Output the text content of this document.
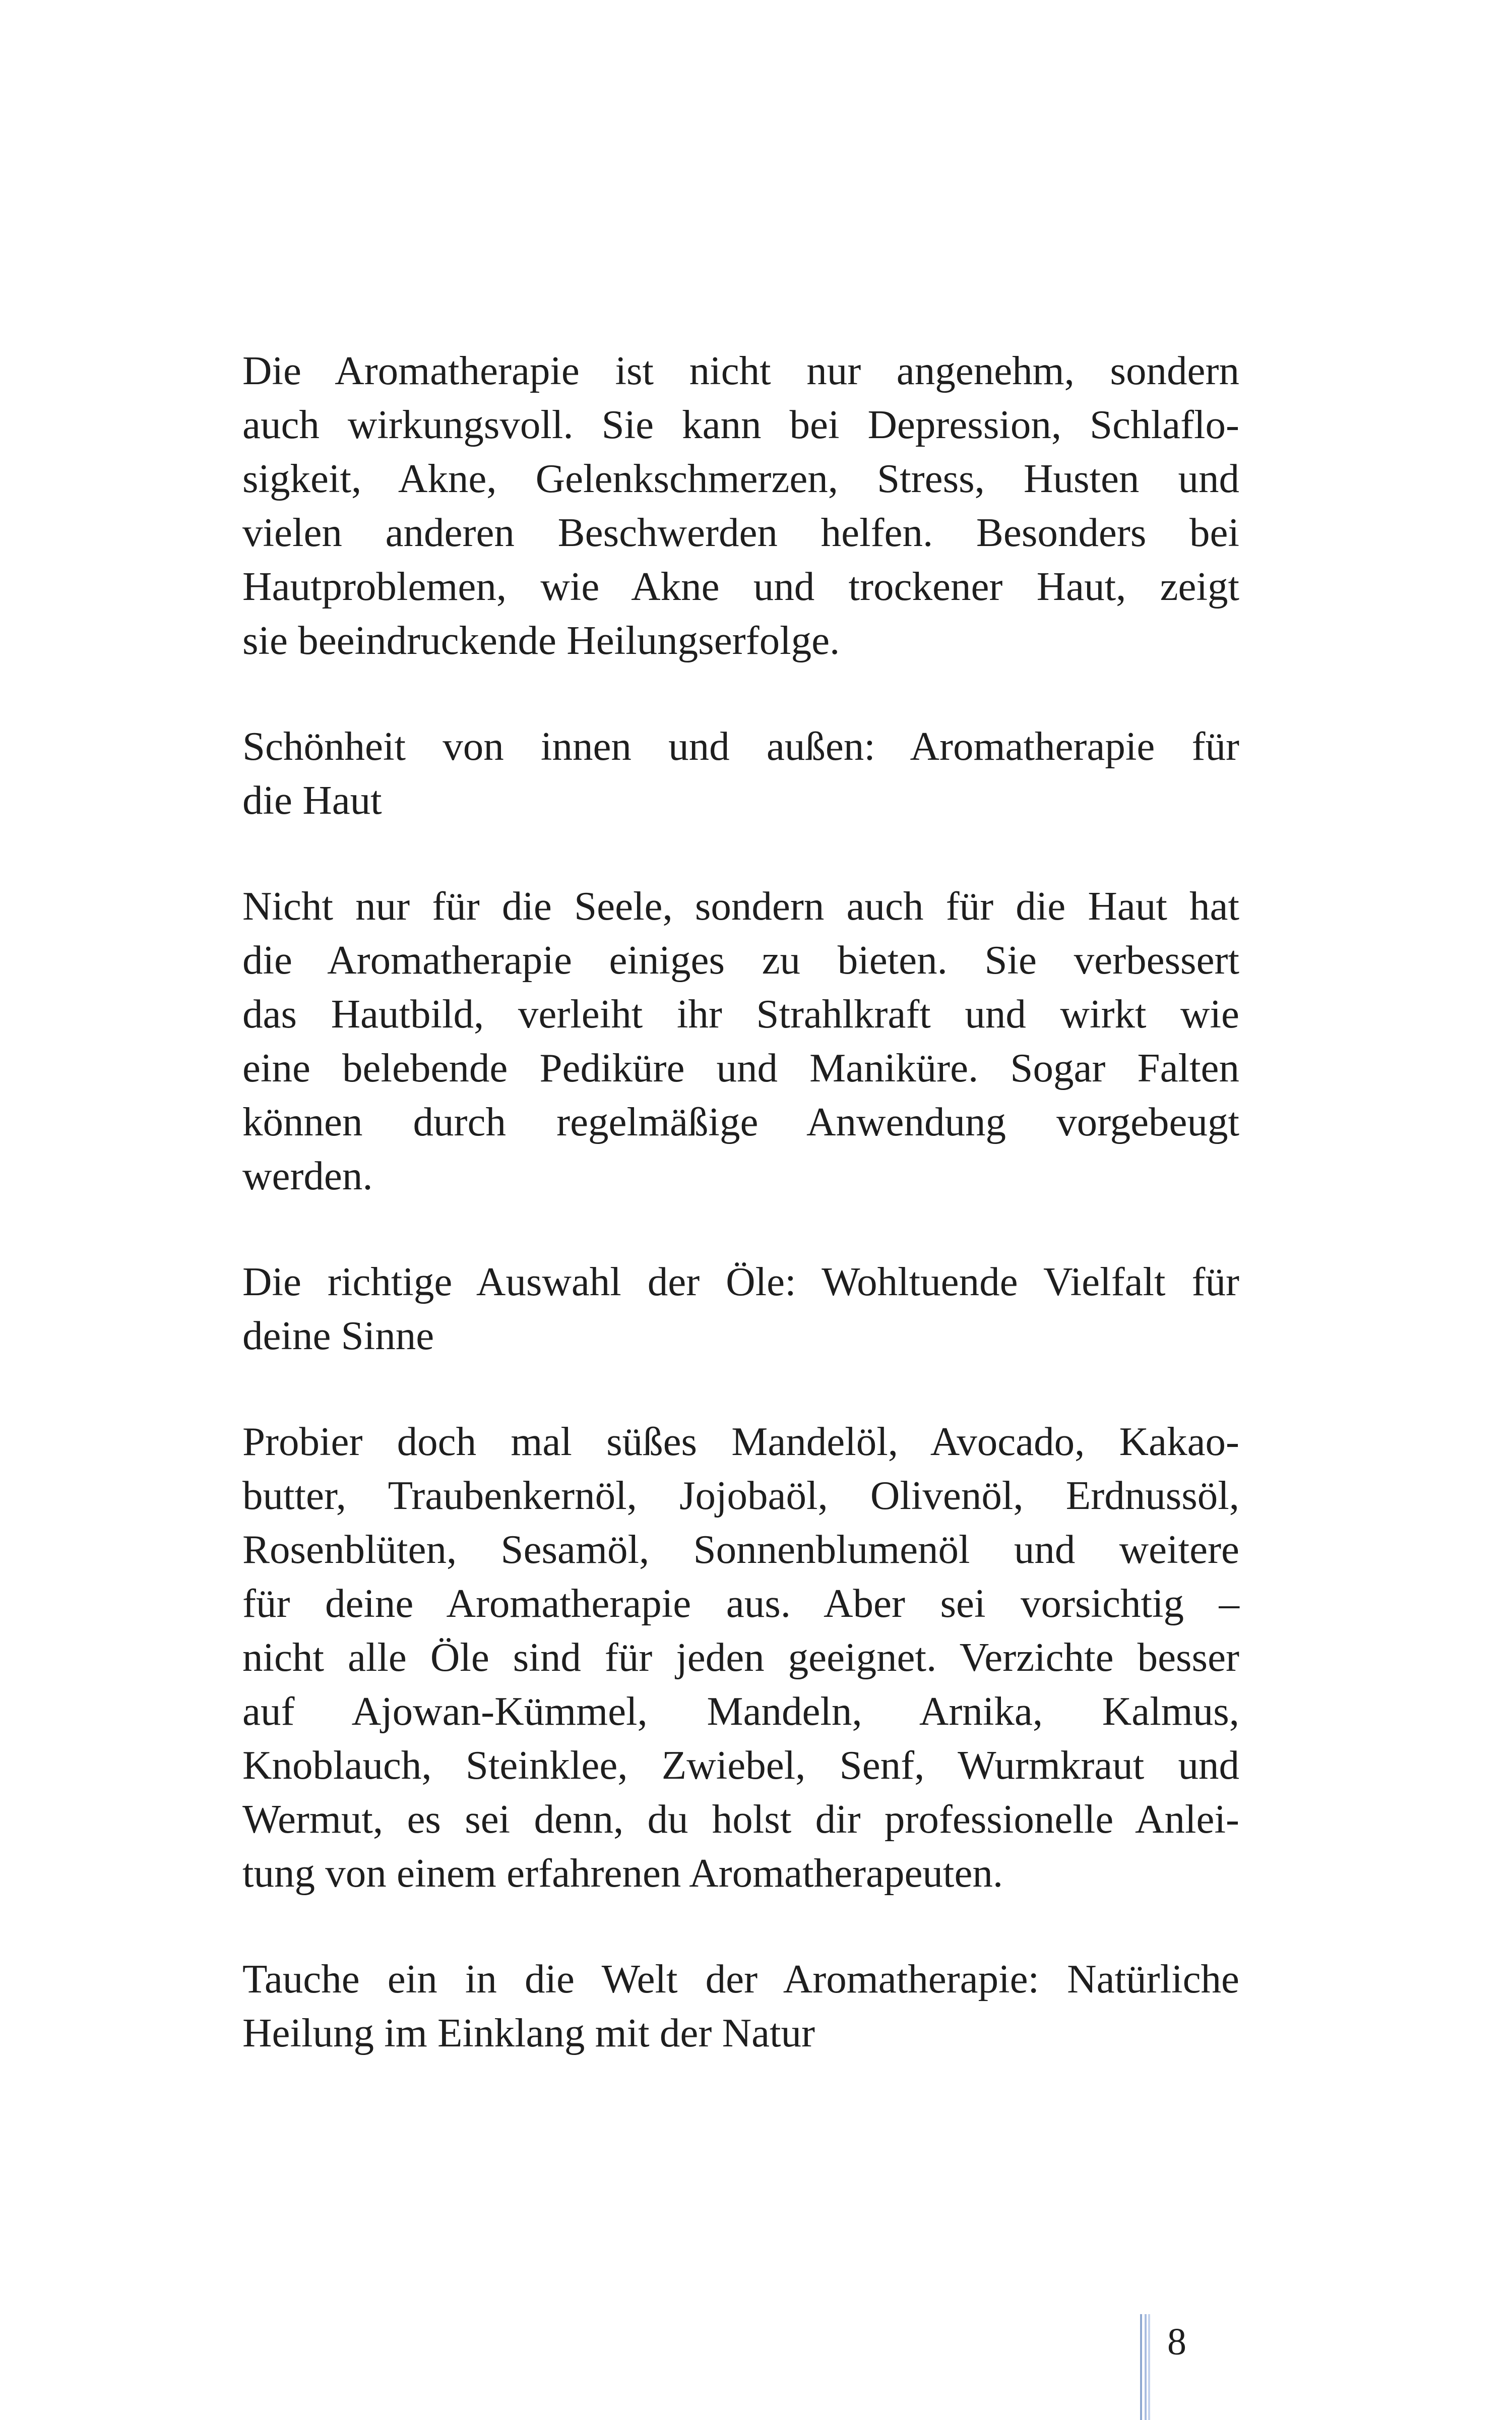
Die Aromatherapie ist nicht nur angenehm, sondern
auch wirkungsvoll. Sie kann bei Depression, Schlaflo-
sigkeit, Akne, Gelenkschmerzen, Stress, Husten und
vielen anderen Beschwerden helfen. Besonders bei
Hautproblemen, wie Akne und trockener Haut, zeigt
sie beeindruckende Heilungserfolge.

Schönheit von innen und außen: Aromatherapie für
die Haut

Nicht nur für die Seele, sondern auch für die Haut hat
die Aromatherapie einiges zu bieten. Sie verbessert
das Hautbild, verleiht ihr Strahlkraft und wirkt wie
eine belebende Pediküre und Maniküre. Sogar Falten
können durch regelmäßige Anwendung vorgebeugt
werden.

Die richtige Auswahl der Öle: Wohltuende Vielfalt für
deine Sinne

Probier doch mal süßes Mandelöl, Avocado, Kakao-
butter, Traubenkernöl, Jojobaöl, Olivenöl, Erdnussöl,
Rosenblüten, Sesamöl, Sonnenblumenöl und weitere
für deine Aromatherapie aus. Aber sei vorsichtig –
nicht alle Öle sind für jeden geeignet. Verzichte besser
auf Ajowan-Kümmel, Mandeln, Arnika, Kalmus,
Knoblauch, Steinklee, Zwiebel, Senf, Wurmkraut und
Wermut, es sei denn, du holst dir professionelle Anlei-
tung von einem erfahrenen Aromatherapeuten.

Tauche ein in die Welt der Aromatherapie: Natürliche
Heilung im Einklang mit der Natur

8
